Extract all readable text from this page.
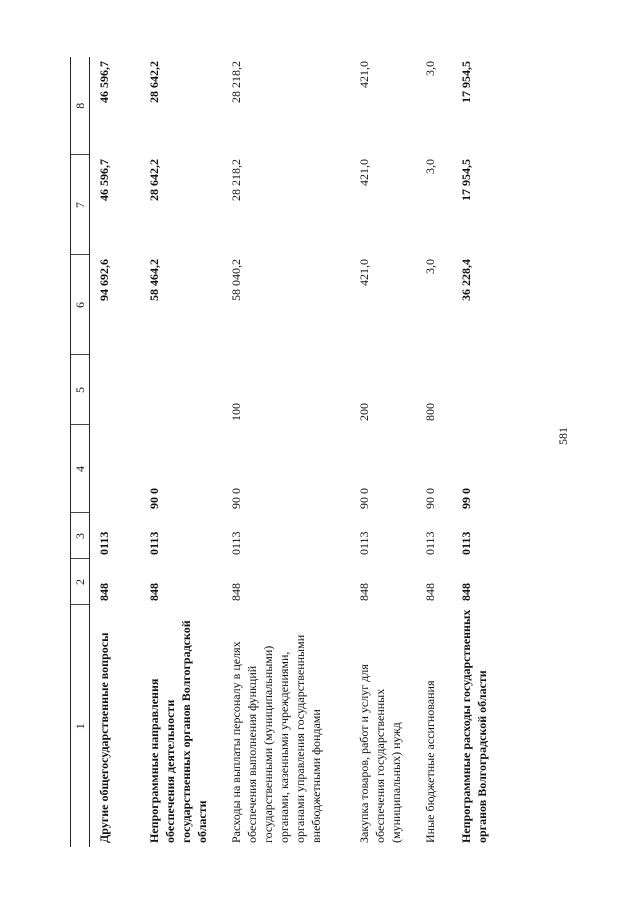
581
1	2	3	4	5	6	7	8
Другие общегосударственные вопросы	848	0113			94 692,6	46 596,7	46 596,7
Непрограммные направления обеспечения деятельности государственных органов Волгоградской области	848	0113	90 0		58 464,2	28 642,2	28 642,2
Расходы на выплаты персоналу в целях обеспечения выполнения функций государственными (муниципальными) органами, казенными учреждениями, органами управления государственными внебюджетными фондами	848	0113	90 0	100	58 040,2	28 218,2	28 218,2
Закупка товаров, работ и услуг для обеспечения государственных (муниципальных) нужд	848	0113	90 0	200	421,0	421,0	421,0
Иные бюджетные ассигнования	848	0113	90 0	800	3,0	3,0	3,0
Непрограммные расходы государственных органов Волгоградской области	848	0113	99 0		36 228,4	17 954,5	17 954,5
